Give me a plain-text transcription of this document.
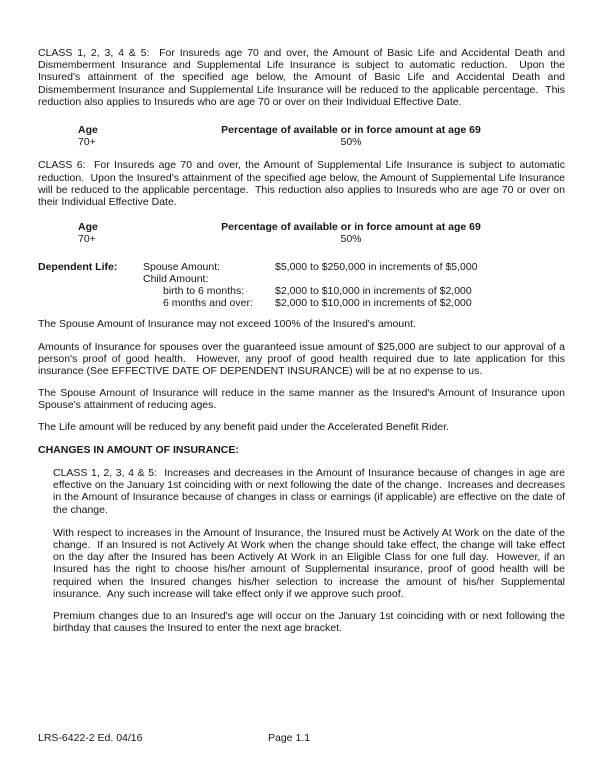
CLASS 1, 2, 3, 4 & 5:  For Insureds age 70 and over, the Amount of Basic Life and Accidental Death and Dismemberment Insurance and Supplemental Life Insurance is subject to automatic reduction.  Upon the Insured's attainment of the specified age below, the Amount of Basic Life and Accidental Death and Dismemberment Insurance and Supplemental Life Insurance will be reduced to the applicable percentage.  This reduction also applies to Insureds who are age 70 or over on their Individual Effective Date.

Age	Percentage of available or in force amount at age 69
70+	50%

CLASS 6:  For Insureds age 70 and over, the Amount of Supplemental Life Insurance is subject to automatic reduction.  Upon the Insured's attainment of the specified age below, the Amount of Supplemental Life Insurance will be reduced to the applicable percentage.  This reduction also applies to Insureds who are age 70 or over on their Individual Effective Date.

Age	Percentage of available or in force amount at age 69
70+	50%
Dependent Life: Spouse Amount:	$5,000 to $250,000 in increments of $5,000
Child Amount:
birth to 6 months:	$2,000 to $10,000 in increments of $2,000
6 months and over: $2,000 to $10,000 in increments of $2,000

The Spouse Amount of Insurance may not exceed 100% of the Insured's amount.

Amounts of Insurance for spouses over the guaranteed issue amount of $25,000 are subject to our approval of a person's proof of good health.  However, any proof of good health required due to late application for this insurance (See EFFECTIVE DATE OF DEPENDENT INSURANCE) will be at no expense to us.

The Spouse Amount of Insurance will reduce in the same manner as the Insured's Amount of Insurance upon Spouse's attainment of reducing ages.

The Life amount will be reduced by any benefit paid under the Accelerated Benefit Rider.

CHANGES IN AMOUNT OF INSURANCE:

CLASS 1, 2, 3, 4 & 5:  Increases and decreases in the Amount of Insurance because of changes in age are effective on the January 1st coinciding with or next following the date of the change.  Increases and decreases in the Amount of Insurance because of changes in class or earnings (if applicable) are effective on the date of the change.

With respect to increases in the Amount of Insurance, the Insured must be Actively At Work on the date of the change.  If an Insured is not Actively At Work when the change should take effect, the change will take effect on the day after the Insured has been Actively At Work in an Eligible Class for one full day.  However, if an Insured has the right to choose his/her amount of Supplemental insurance, proof of good health will be required when the Insured changes his/her selection to increase the amount of his/her Supplemental insurance.  Any such increase will take effect only if we approve such proof.

Premium changes due to an Insured's age will occur on the January 1st coinciding with or next following the birthday that causes the Insured to enter the next age bracket.

LRS-6422-2 Ed. 04/16	Page 1.1
